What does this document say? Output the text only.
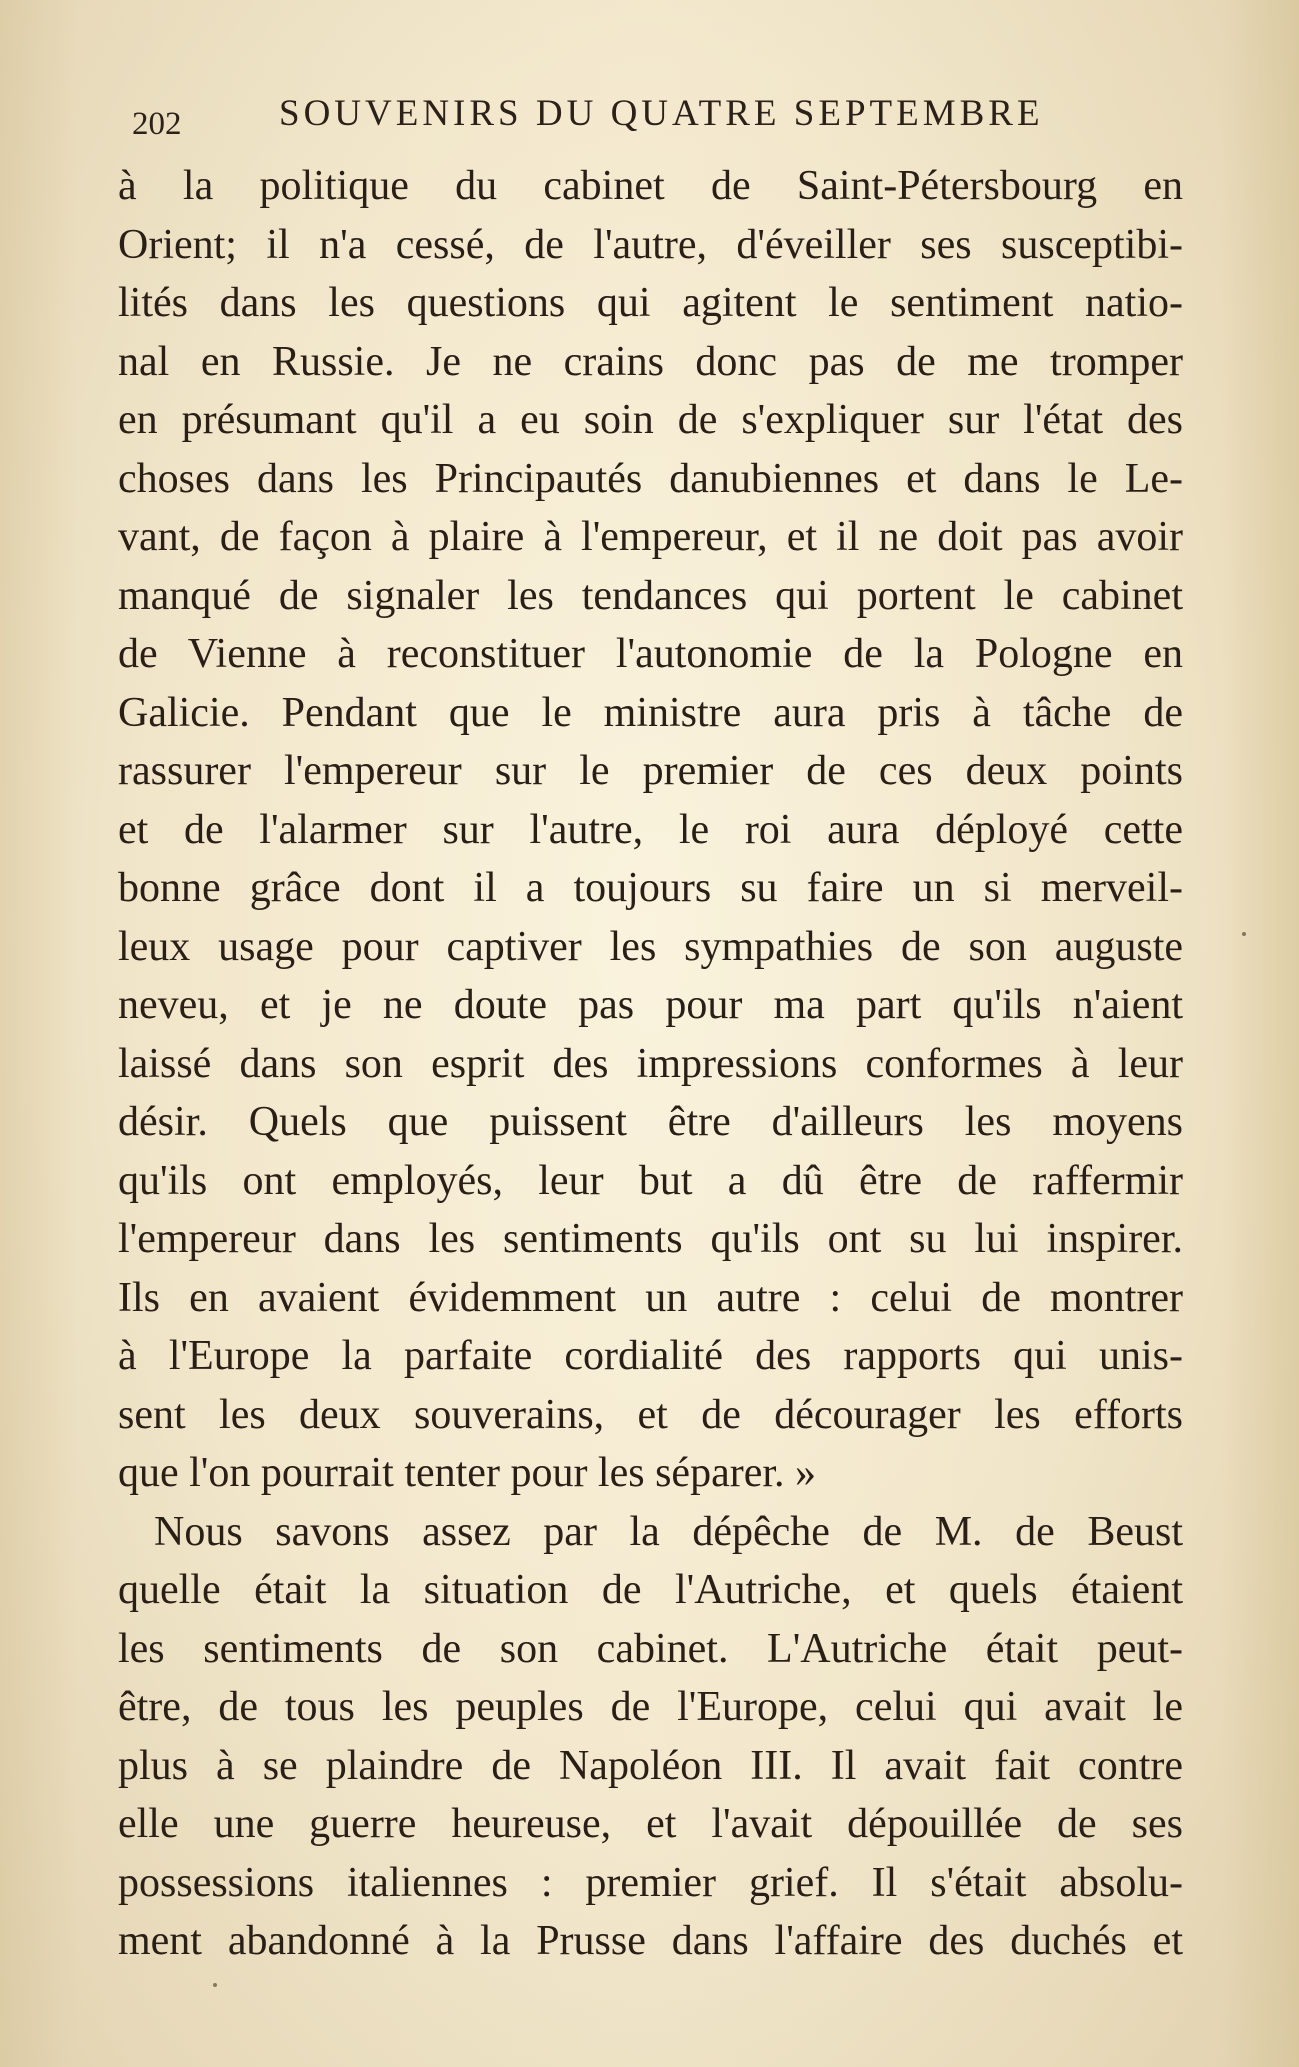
202	SOUVENIRS DU QUATRE SEPTEMBRE
à la politique du cabinet de Saint-Pétersbourg en
Orient; il n'a cessé, de l'autre, d'éveiller ses susceptibi-
lités dans les questions qui agitent le sentiment natio-
nal en Russie. Je ne crains donc pas de me tromper
en présumant qu'il a eu soin de s'expliquer sur l'état des
choses dans les Principautés danubiennes et dans le Le-
vant, de façon à plaire à l'empereur, et il ne doit pas avoir
manqué de signaler les tendances qui portent le cabinet
de Vienne à reconstituer l'autonomie de la Pologne en
Galicie. Pendant que le ministre aura pris à tâche de
rassurer l'empereur sur le premier de ces deux points
et de l'alarmer sur l'autre, le roi aura déployé cette
bonne grâce dont il a toujours su faire un si merveil-
leux usage pour captiver les sympathies de son auguste
neveu, et je ne doute pas pour ma part qu'ils n'aient
laissé dans son esprit des impressions conformes à leur
désir. Quels que puissent être d'ailleurs les moyens
qu'ils ont employés, leur but a dû être de raffermir
l'empereur dans les sentiments qu'ils ont su lui inspirer.
Ils en avaient évidemment un autre : celui de montrer
à l'Europe la parfaite cordialité des rapports qui unis-
sent les deux souverains, et de décourager les efforts
que l'on pourrait tenter pour les séparer. »
Nous savons assez par la dépêche de M. de Beust
quelle était la situation de l'Autriche, et quels étaient
les sentiments de son cabinet. L'Autriche était peut-
être, de tous les peuples de l'Europe, celui qui avait le
plus à se plaindre de Napoléon III. Il avait fait contre
elle une guerre heureuse, et l'avait dépouillée de ses
possessions italiennes : premier grief. Il s'était absolu-
ment abandonné à la Prusse dans l'affaire des duchés et
